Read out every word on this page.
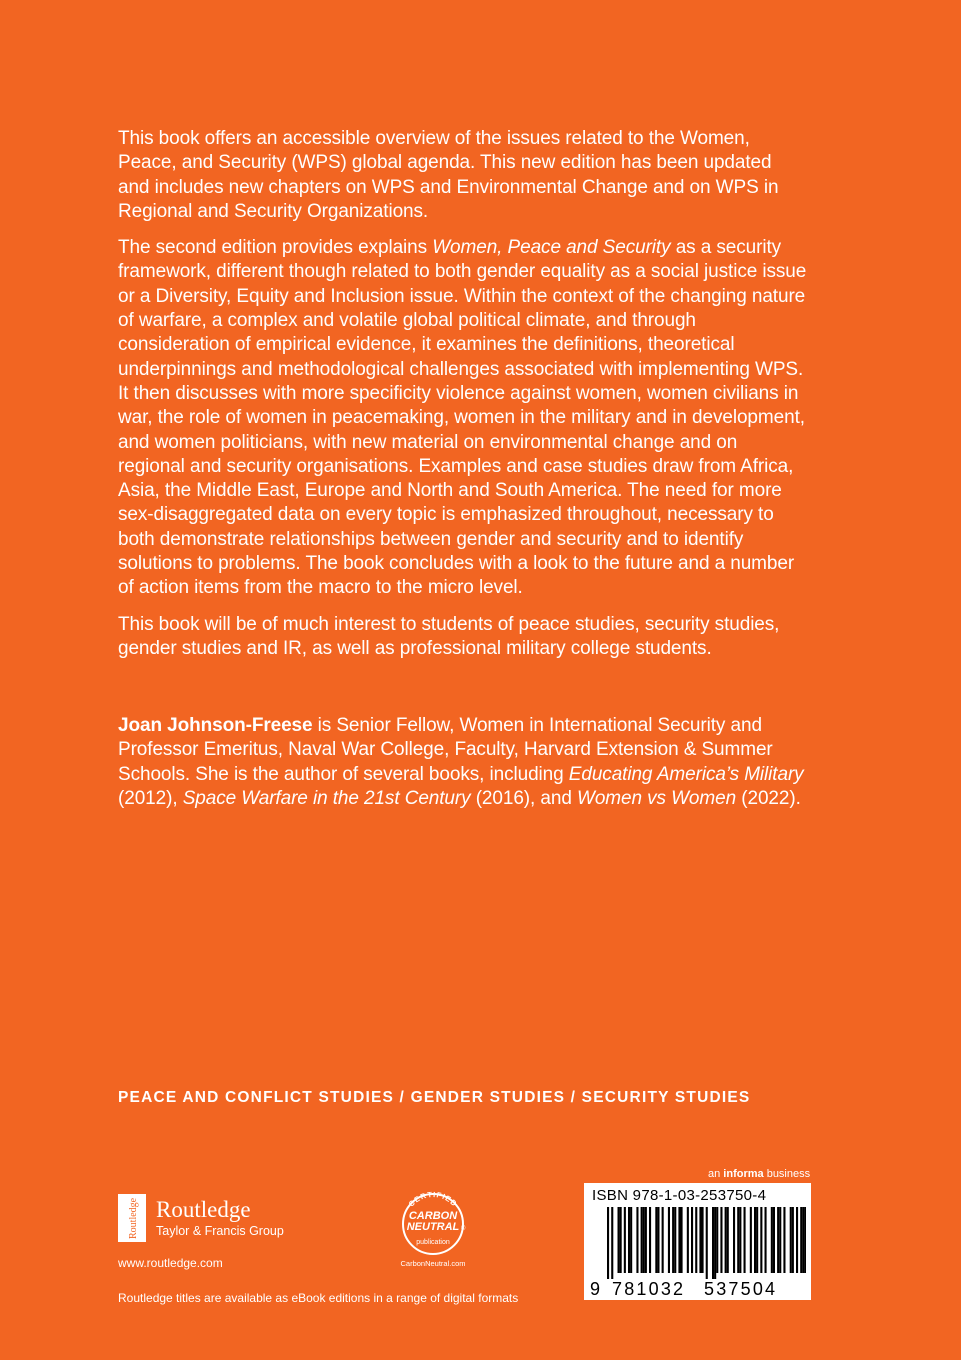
This book offers an accessible overview of the issues related to the Women, Peace, and Security (WPS) global agenda. This new edition has been updated and includes new chapters on WPS and Environmental Change and on WPS in Regional and Security Organizations.

The second edition provides explains Women, Peace and Security as a security framework, different though related to both gender equality as a social justice issue or a Diversity, Equity and Inclusion issue. Within the context of the changing nature of warfare, a complex and volatile global political climate, and through consideration of empirical evidence, it examines the definitions, theoretical underpinnings and methodological challenges associated with implementing WPS. It then discusses with more specificity violence against women, women civilians in war, the role of women in peacemaking, women in the military and in development, and women politicians, with new material on environmental change and on regional and security organisations. Examples and case studies draw from Africa, Asia, the Middle East, Europe and North and South America. The need for more sex-disaggregated data on every topic is emphasized throughout, necessary to both demonstrate relationships between gender and security and to identify solutions to problems. The book concludes with a look to the future and a number of action items from the macro to the micro level.

This book will be of much interest to students of peace studies, security studies, gender studies and IR, as well as professional military college students.

Joan Johnson-Freese is Senior Fellow, Women in International Security and Professor Emeritus, Naval War College, Faculty, Harvard Extension & Summer Schools. She is the author of several books, including Educating America’s Military (2012), Space Warfare in the 21st Century (2016), and Women vs Women (2022).

PEACE AND CONFLICT STUDIES / GENDER STUDIES / SECURITY STUDIES
Routledge Routledge
Taylor & Francis Group
www.routledge.com
CERTIFIED
CARBON
NEUTRAL ®
publication
CarbonNeutral.com
Routledge titles are available as eBook editions in a range of digital formats
an informa business
ISBN 978-1-03-253750-4
9 781032 537504
